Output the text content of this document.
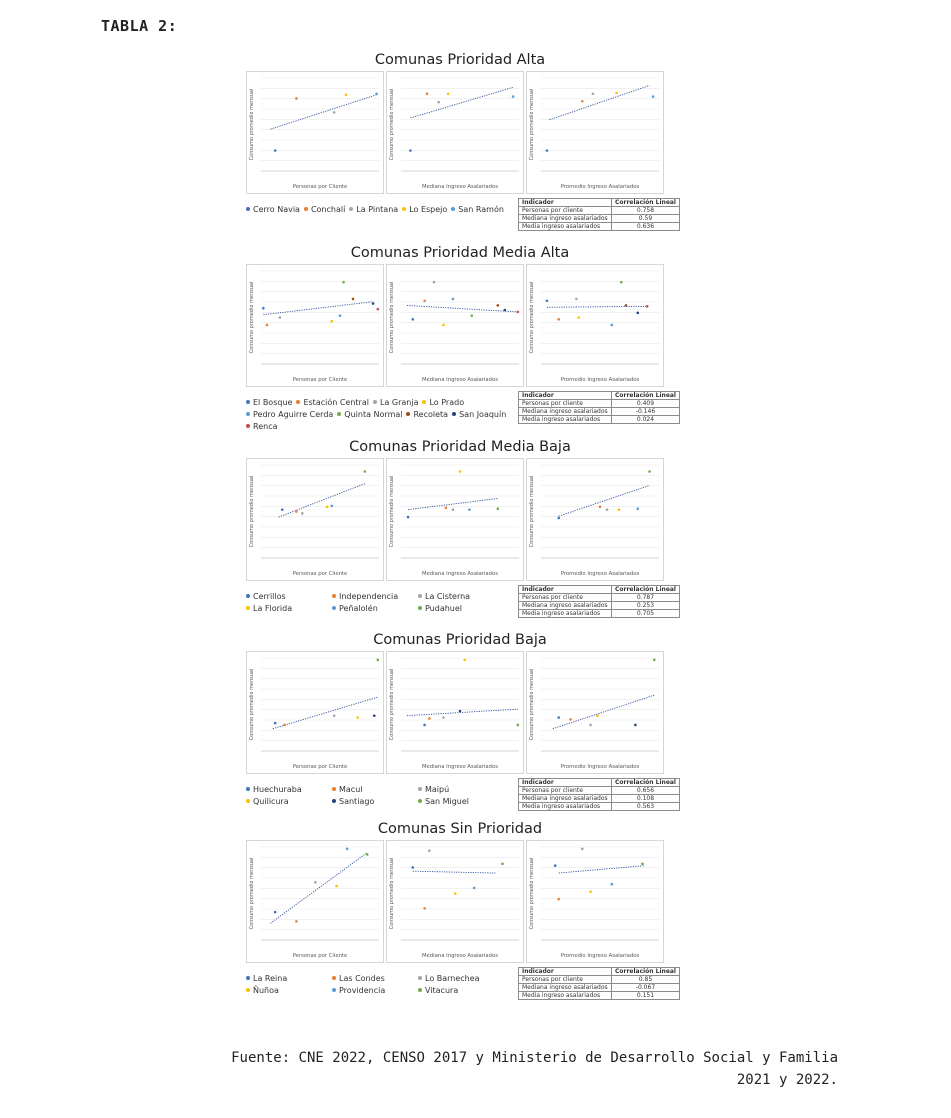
TABLA 2:
Comunas Prioridad Alta
Consumo promedio mensual
Personas por Cliente
Consumo promedio mensual
Mediana Ingreso Asalariados
Consumo promedio mensual
Promedio Ingreso Asalariados
Cerro Navia Conchalí La Pintana Lo Espejo San Ramón
Indicador	Correlación Lineal
Personas por cliente	0.758
Mediana ingreso asalariados	0.59
Media ingreso asalariados	0.636
Comunas Prioridad Media Alta
Consumo promedio mensual
Personas por Cliente
Consumo promedio mensual
Mediana Ingreso Asalariados
Consumo promedio mensual
Promedio Ingreso Asalariados
El Bosque Estación Central La Granja Lo PradoPedro Aguirre Cerda Quinta Normal Recoleta San JoaquínRenca
Indicador	Correlación Lineal
Personas por cliente	0.409
Mediana ingreso asalariados	-0.146
Media ingreso asalariados	0.024
Comunas Prioridad Media Baja
Consumo promedio mensual
Personas por Cliente
Consumo promedio mensual
Mediana Ingreso Asalariados
Consumo promedio mensual
Promedio Ingreso Asalariados
Cerrillos	Independencia	La CisternaLa Florida	Peñalolén	Pudahuel
Indicador	Correlación Lineal
Personas por cliente	0.787
Mediana ingreso asalariados	0.253
Media ingreso asalariados	0.705
Comunas Prioridad Baja
Consumo promedio mensual
Personas por Cliente
Consumo promedio mensual
Mediana Ingreso Asalariados
Consumo promedio mensual
Promedio Ingreso Asalariados
Huechuraba	Macul	MaipúQuilicura	Santiago	San Miguel
Indicador	Correlación Lineal
Personas por cliente	0.656
Mediana ingreso asalariados	0.108
Media ingreso asalariados	0.563
Comunas Sin Prioridad
Consumo promedio mensual
Personas por Cliente
Consumo promedio mensual
Mediana Ingreso Asalariados
Consumo promedio mensual
Promedio Ingreso Asalariados
La Reina	Las Condes	Lo BarnecheaÑuñoa	Providencia	Vitacura
Indicador	Correlación Lineal
Personas por cliente	0.85
Mediana ingreso asalariados	-0.067
Media ingreso asalariados	0.151
Fuente: CNE 2022, CENSO 2017 y Ministerio de Desarrollo Social y Familia
2021 y 2022.
